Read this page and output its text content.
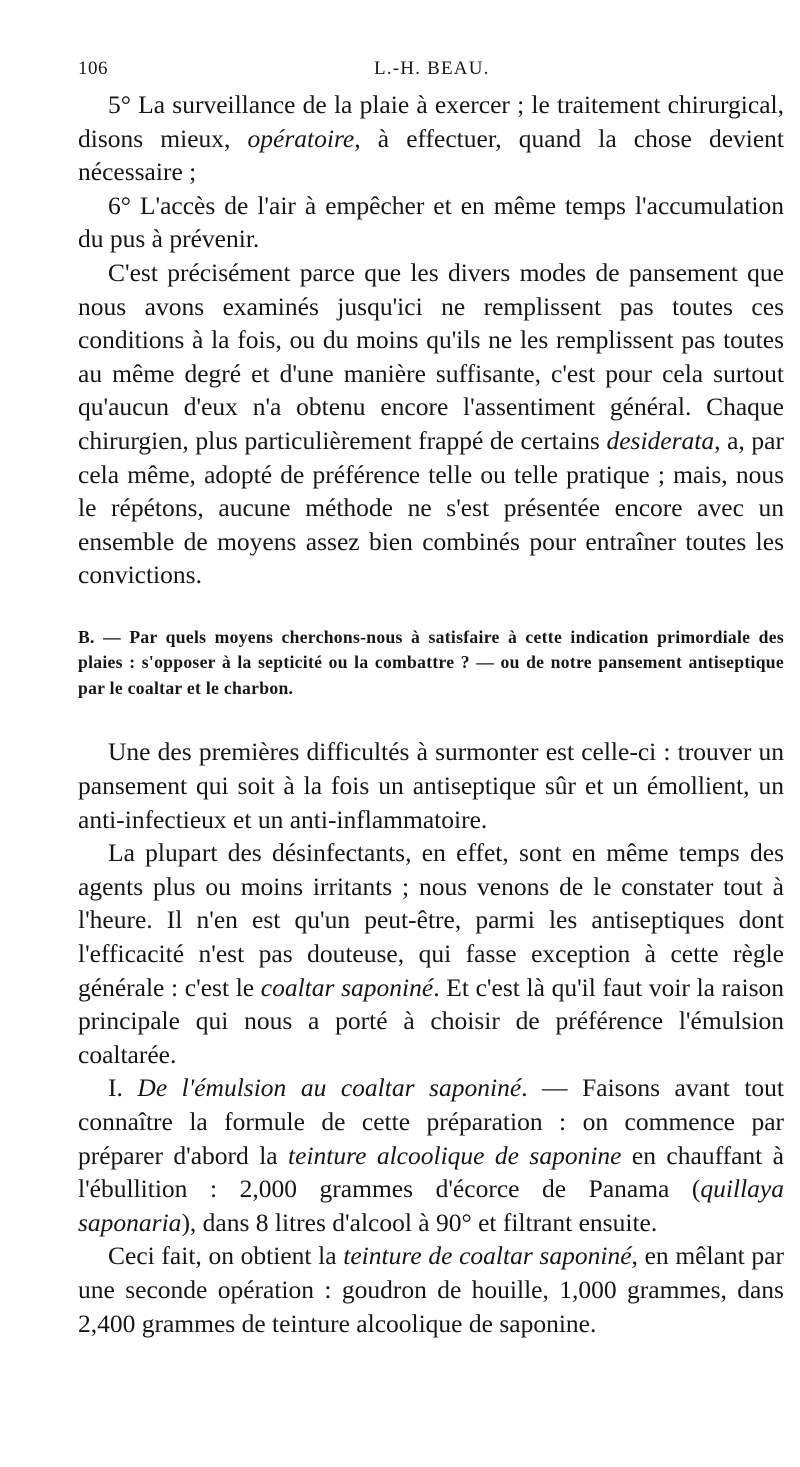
106	L.-H. BEAU.

5° La surveillance de la plaie à exercer ; le traitement chirurgical, disons mieux, opératoire, à effectuer, quand la chose devient nécessaire ;

6° L'accès de l'air à empêcher et en même temps l'accumulation du pus à prévenir.

C'est précisément parce que les divers modes de pansement que nous avons examinés jusqu'ici ne remplissent pas toutes ces conditions à la fois, ou du moins qu'ils ne les remplissent pas toutes au même degré et d'une manière suffisante, c'est pour cela surtout qu'aucun d'eux n'a obtenu encore l'assentiment général. Chaque chirurgien, plus particulièrement frappé de certains desiderata, a, par cela même, adopté de préférence telle ou telle pratique ; mais, nous le répétons, aucune méthode ne s'est présentée encore avec un ensemble de moyens assez bien combinés pour entraîner toutes les convictions.

B. — Par quels moyens cherchons-nous à satisfaire à cette indication primordiale des plaies : s'opposer à la septicité ou la combattre ? — ou de notre pansement antiseptique par le coaltar et le charbon.

Une des premières difficultés à surmonter est celle-ci : trouver un pansement qui soit à la fois un antiseptique sûr et un émollient, un anti-infectieux et un anti-inflammatoire.

La plupart des désinfectants, en effet, sont en même temps des agents plus ou moins irritants ; nous venons de le constater tout à l'heure. Il n'en est qu'un peut-être, parmi les antiseptiques dont l'efficacité n'est pas douteuse, qui fasse exception à cette règle générale : c'est le coaltar saponiné. Et c'est là qu'il faut voir la raison principale qui nous a porté à choisir de préférence l'émulsion coaltarée.

I. De l'émulsion au coaltar saponiné. — Faisons avant tout connaître la formule de cette préparation : on commence par préparer d'abord la teinture alcoolique de saponine en chauffant à l'ébullition : 2,000 grammes d'écorce de Panama (quillaya saponaria), dans 8 litres d'alcool à 90° et filtrant ensuite.

Ceci fait, on obtient la teinture de coaltar saponiné, en mêlant par une seconde opération : goudron de houille, 1,000 grammes, dans 2,400 grammes de teinture alcoolique de saponine.
